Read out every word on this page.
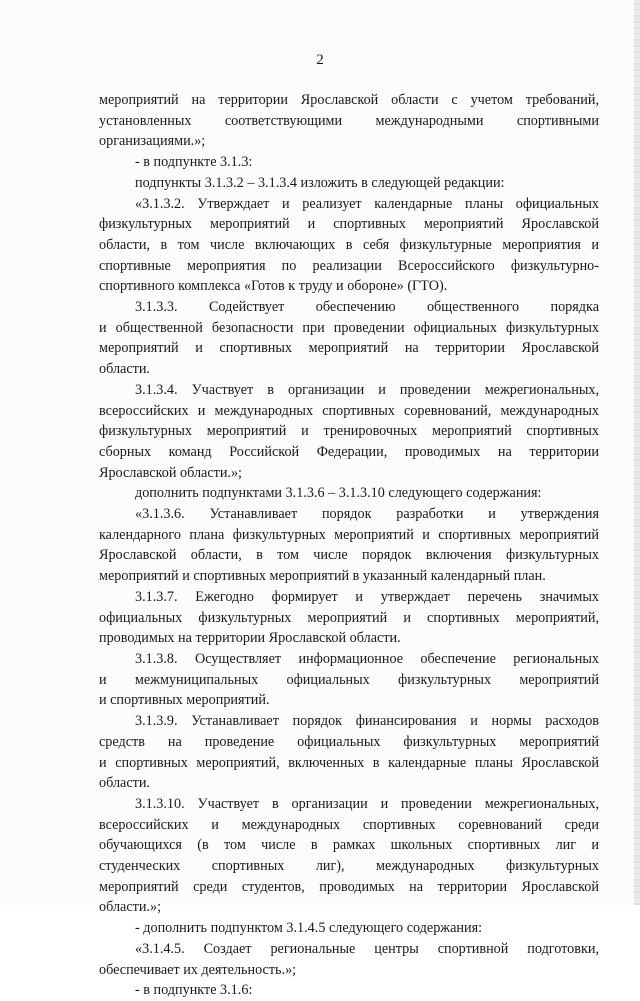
2
мероприятий на территории Ярославской области с учетом требований,
установленных соответствующими международными спортивными
организациями.»;
- в подпункте 3.1.3:
подпункты 3.1.3.2 – 3.1.3.4 изложить в следующей редакции:
«3.1.3.2. Утверждает и реализует календарные планы официальных
физкультурных мероприятий и спортивных мероприятий Ярославской
области, в том числе включающих в себя физкультурные мероприятия и
спортивные мероприятия по реализации Всероссийского физкультурно-
спортивного комплекса «Готов к труду и обороне» (ГТО).
3.1.3.3. Содействует обеспечению общественного порядка
и общественной безопасности при проведении официальных физкультурных
мероприятий и спортивных мероприятий на территории Ярославской
области.
3.1.3.4. Участвует в организации и проведении межрегиональных,
всероссийских и международных спортивных соревнований, международных
физкультурных мероприятий и тренировочных мероприятий спортивных
сборных команд Российской Федерации, проводимых на территории
Ярославской области.»;
дополнить подпунктами 3.1.3.6 – 3.1.3.10 следующего содержания:
«3.1.3.6. Устанавливает порядок разработки и утверждения
календарного плана физкультурных мероприятий и спортивных мероприятий
Ярославской области, в том числе порядок включения физкультурных
мероприятий и спортивных мероприятий в указанный календарный план.
3.1.3.7. Ежегодно формирует и утверждает перечень значимых
официальных физкультурных мероприятий и спортивных мероприятий,
проводимых на территории Ярославской области.
3.1.3.8. Осуществляет информационное обеспечение региональных
и межмуниципальных официальных физкультурных мероприятий
и спортивных мероприятий.
3.1.3.9. Устанавливает порядок финансирования и нормы расходов
средств на проведение официальных физкультурных мероприятий
и спортивных мероприятий, включенных в календарные планы Ярославской
области.
3.1.3.10. Участвует в организации и проведении межрегиональных,
всероссийских и международных спортивных соревнований среди
обучающихся (в том числе в рамках школьных спортивных лиг и
студенческих спортивных лиг), международных физкультурных
мероприятий среди студентов, проводимых на территории Ярославской
области.»;
- дополнить подпунктом 3.1.4.5 следующего содержания:
«3.1.4.5. Создает региональные центры спортивной подготовки,
обеспечивает их деятельность.»;
- в подпункте 3.1.6:
